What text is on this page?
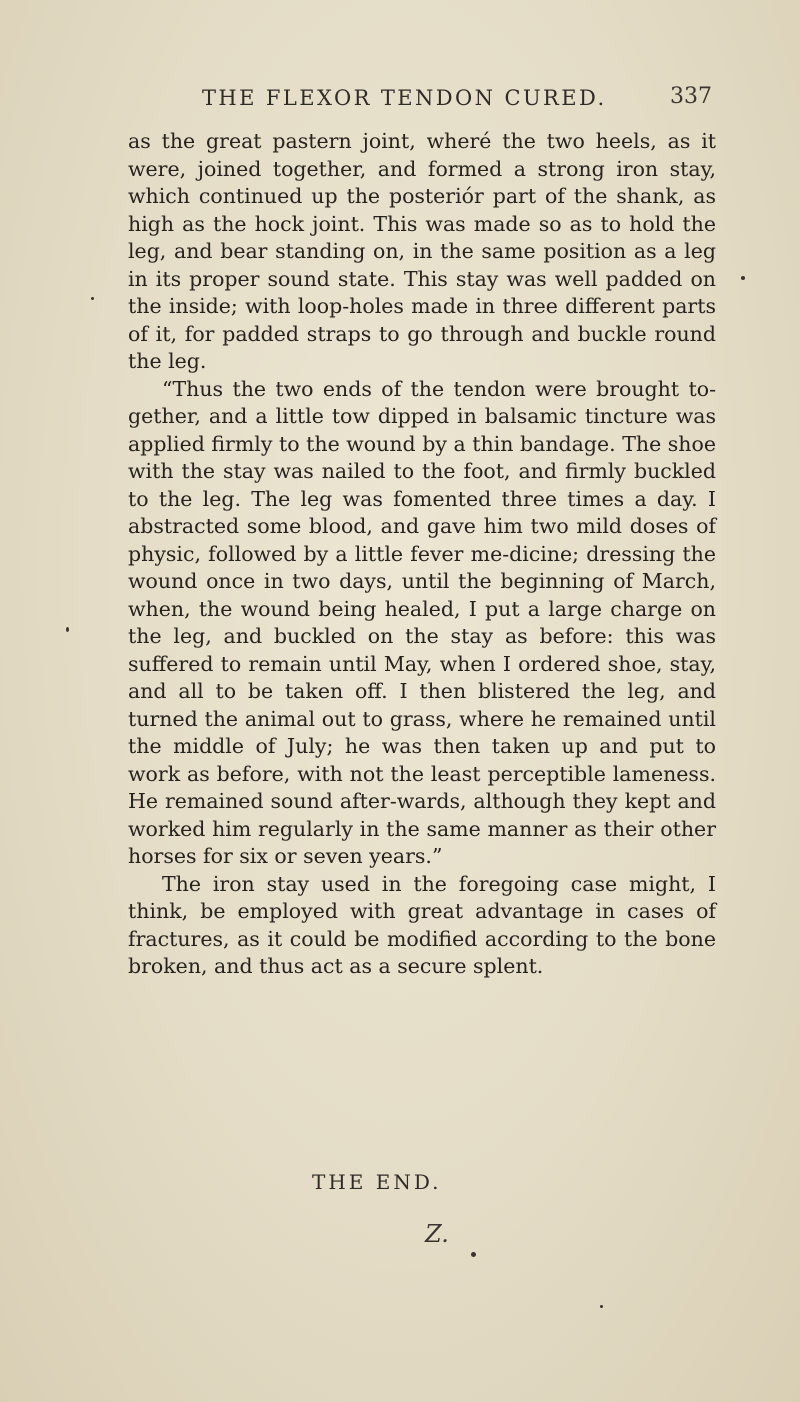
THE FLEXOR TENDON CURED.	337

as the great pastern joint, wheré the two heels, as it were, joined together, and formed a strong iron stay, which continued up the posteriór part of the shank, as high as the hock joint. This was made so as to hold the leg, and bear standing on, in the same position as a leg in its proper sound state. This stay was well padded on the inside; with loop-holes made in three different parts of it, for padded straps to go through and buckle round the leg.

“Thus the two ends of the tendon were brought to-gether, and a little tow dipped in balsamic tincture was applied firmly to the wound by a thin bandage. The shoe with the stay was nailed to the foot, and firmly buckled to the leg. The leg was fomented three times a day. I abstracted some blood, and gave him two mild doses of physic, followed by a little fever me-dicine; dressing the wound once in two days, until the beginning of March, when, the wound being healed, I put a large charge on the leg, and buckled on the stay as before: this was suffered to remain until May, when I ordered shoe, stay, and all to be taken off. I then blistered the leg, and turned the animal out to grass, where he remained until the middle of July; he was then taken up and put to work as before, with not the least perceptible lameness. He remained sound after-wards, although they kept and worked him regularly in the same manner as their other horses for six or seven years.”

The iron stay used in the foregoing case might, I think, be employed with great advantage in cases of fractures, as it could be modified according to the bone broken, and thus act as a secure splent.

THE END.
Z.
